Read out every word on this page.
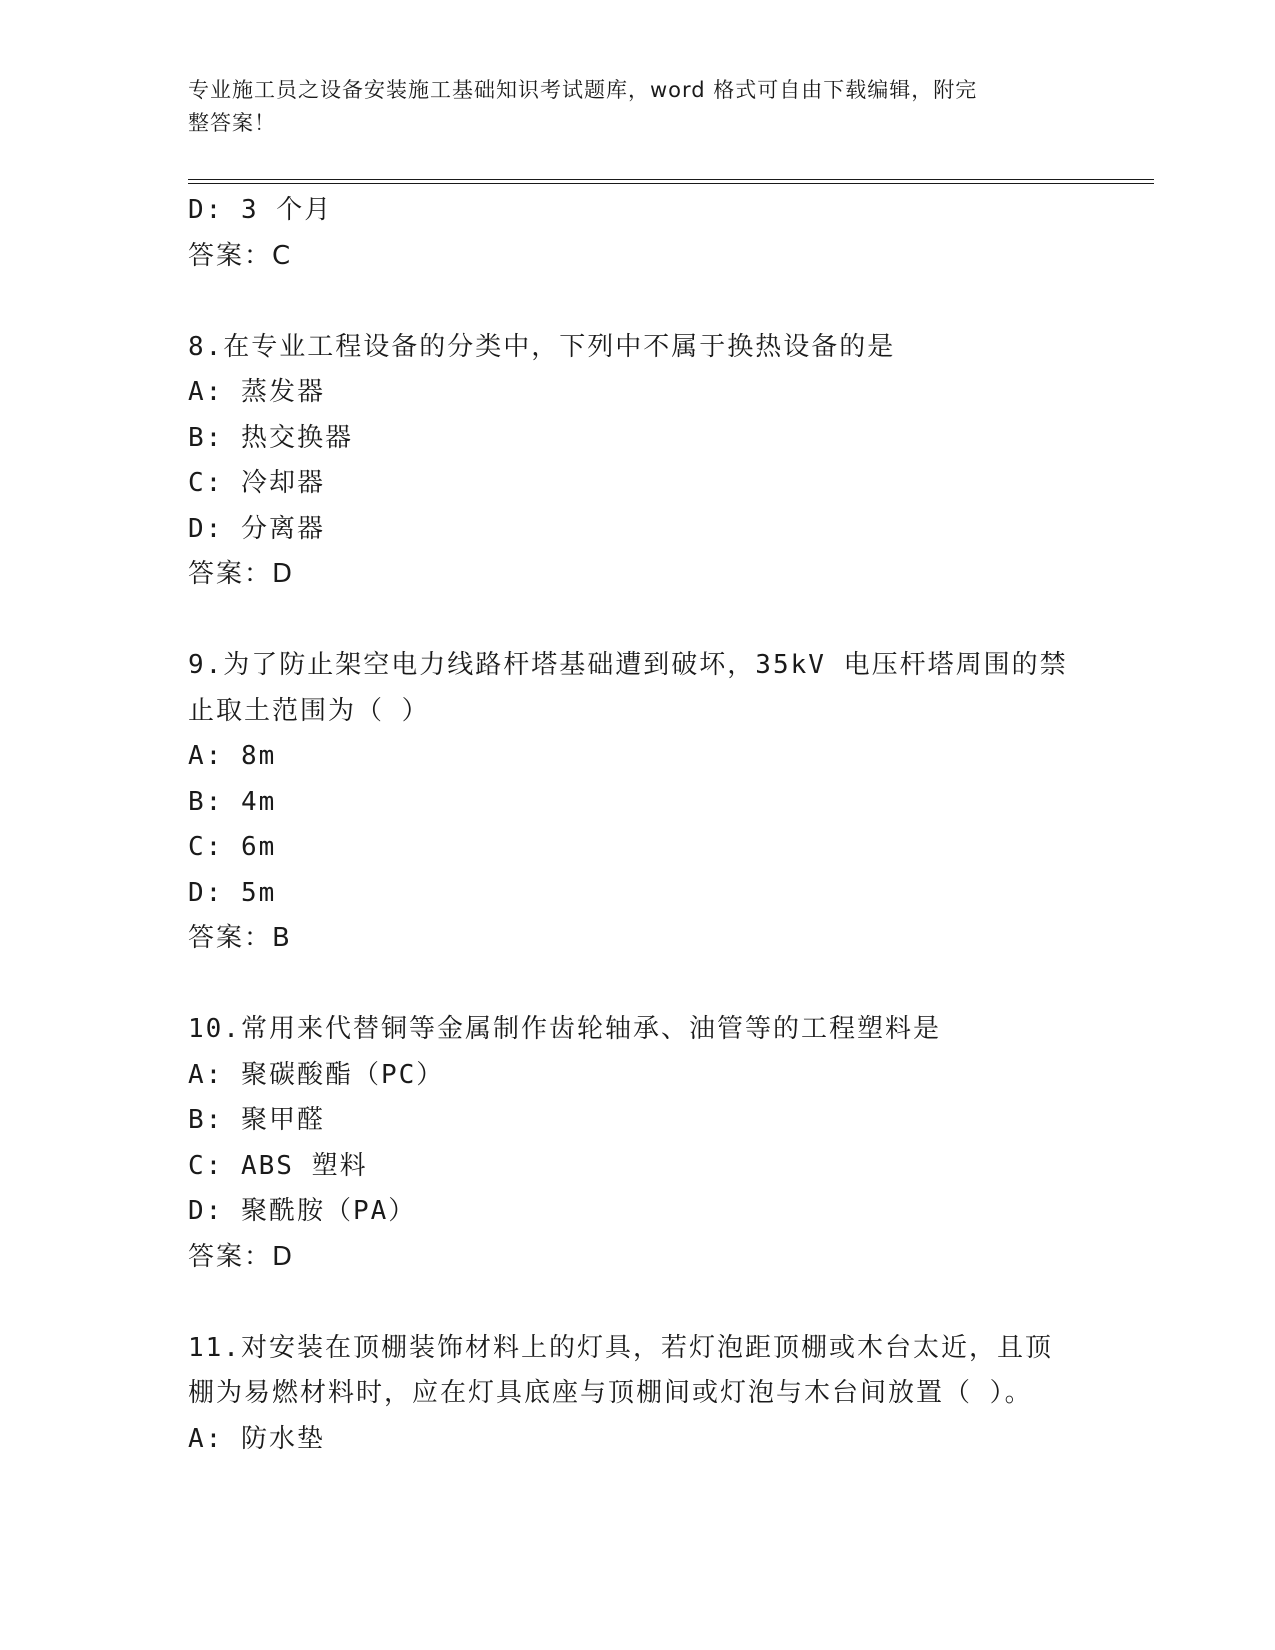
专业施工员之设备安装施工基础知识考试题库，word 格式可自由下载编辑，附完
整答案！
D: 3 个月
答案：C
8.在专业工程设备的分类中，下列中不属于换热设备的是
A: 蒸发器
B: 热交换器
C: 冷却器
D: 分离器
答案：D
9.为了防止架空电力线路杆塔基础遭到破坏，35kV 电压杆塔周围的禁
止取土范围为（ ）
A: 8m
B: 4m
C: 6m
D: 5m
答案：B
10.常用来代替铜等金属制作齿轮轴承、油管等的工程塑料是
A: 聚碳酸酯（PC）
B: 聚甲醛
C: ABS 塑料
D: 聚酰胺（PA）
答案：D
11.对安装在顶棚装饰材料上的灯具，若灯泡距顶棚或木台太近，且顶
棚为易燃材料时，应在灯具底座与顶棚间或灯泡与木台间放置（ ）。
A: 防水垫
